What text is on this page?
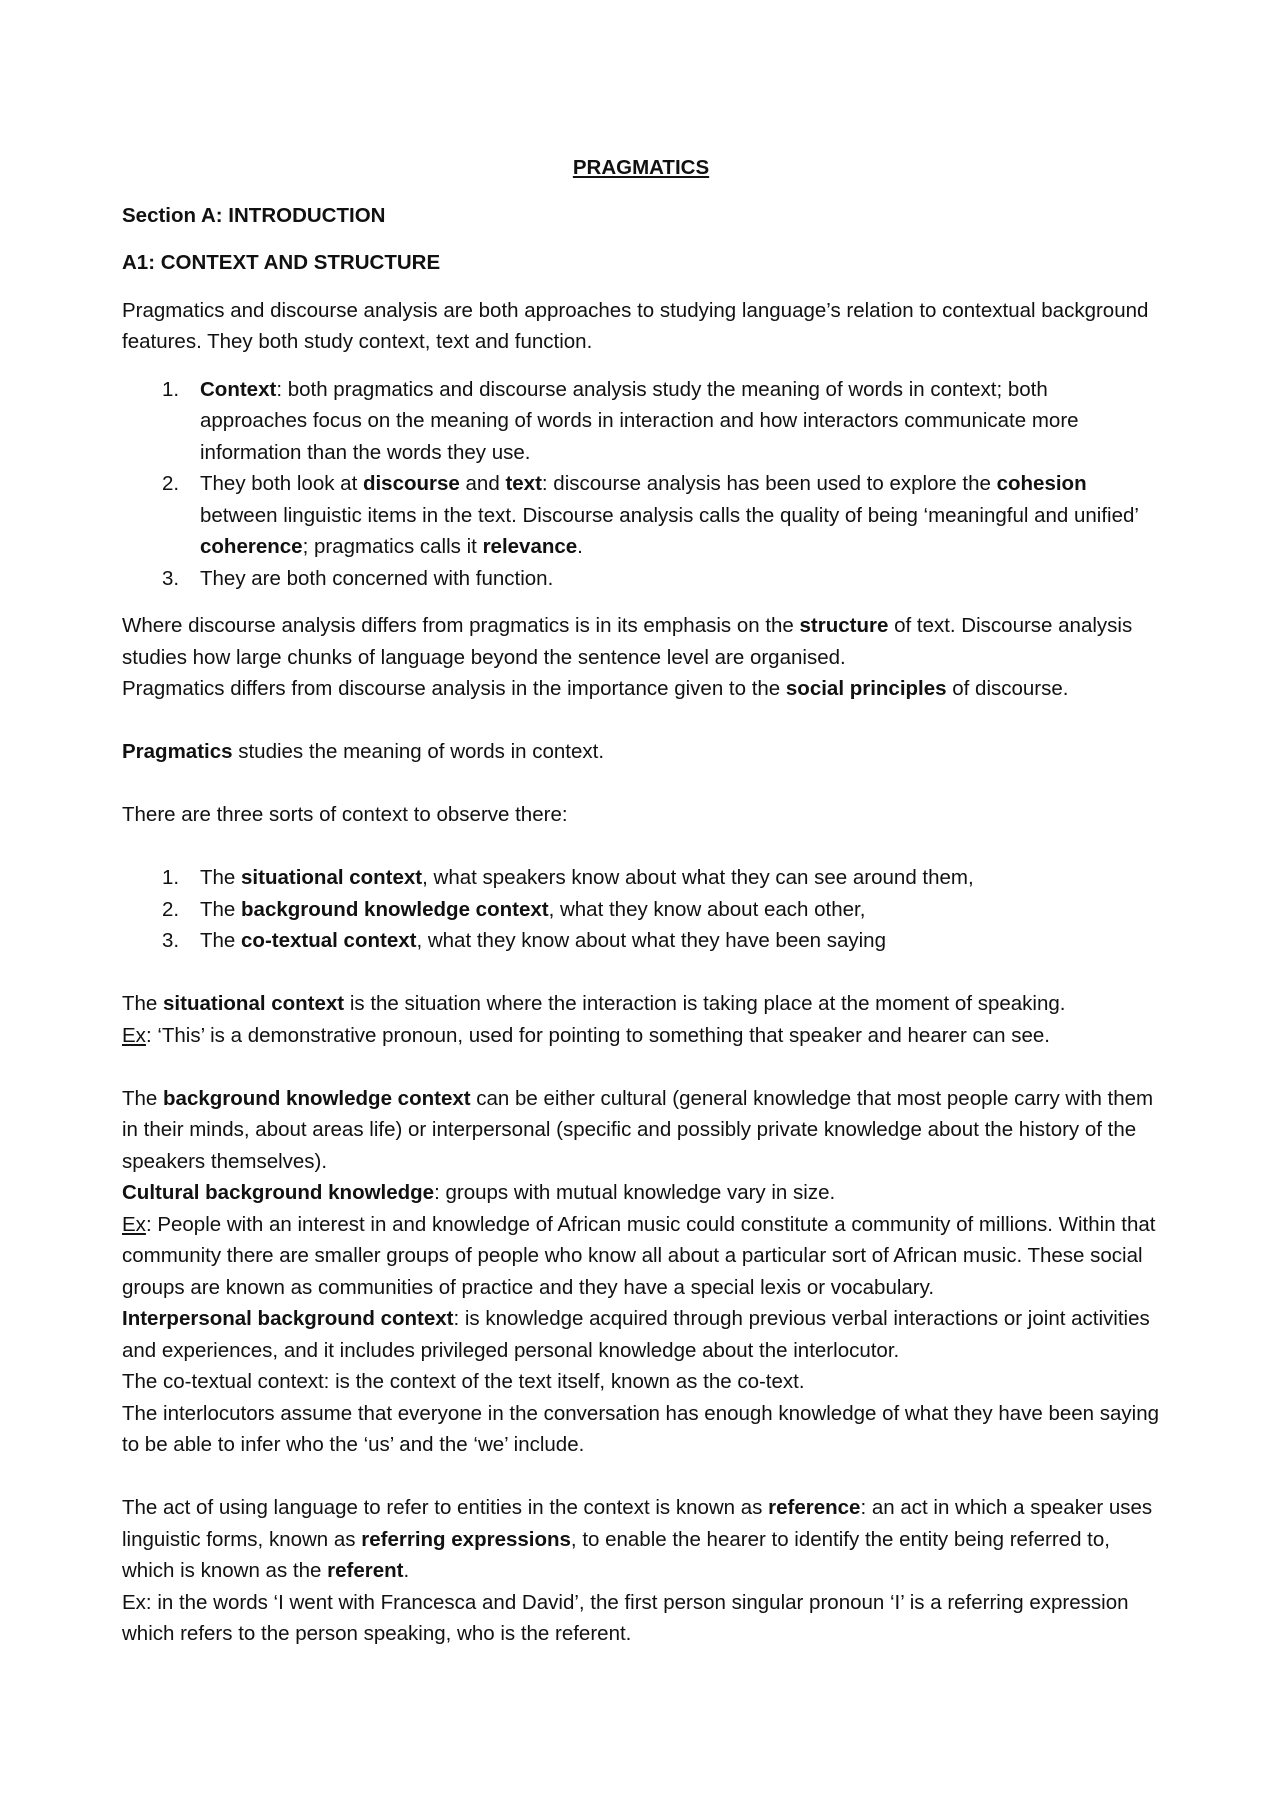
PRAGMATICS
Section A: INTRODUCTION
A1: CONTEXT AND STRUCTURE

Pragmatics and discourse analysis are both approaches to studying language’s relation to contextual background features. They both study context, text and function.

1. Context: both pragmatics and discourse analysis study the meaning of words in context; both approaches focus on the meaning of words in interaction and how interactors communicate more information than the words they use.
2. They both look at discourse and text: discourse analysis has been used to explore the cohesion between linguistic items in the text. Discourse analysis calls the quality of being ‘meaningful and unified’ coherence; pragmatics calls it relevance.
3. They are both concerned with function.

Where discourse analysis differs from pragmatics is in its emphasis on the structure of text. Discourse analysis studies how large chunks of language beyond the sentence level are organised.

Pragmatics differs from discourse analysis in the importance given to the social principles of discourse.

Pragmatics studies the meaning of words in context.

There are three sorts of context to observe there:

1. The situational context, what speakers know about what they can see around them,
2. The background knowledge context, what they know about each other,
3. The co-textual context, what they know about what they have been saying

The situational context is the situation where the interaction is taking place at the moment of speaking.

Ex: ‘This’ is a demonstrative pronoun, used for pointing to something that speaker and hearer can see.

The background knowledge context can be either cultural (general knowledge that most people carry with them in their minds, about areas life) or interpersonal (specific and possibly private knowledge about the history of the speakers themselves).

Cultural background knowledge: groups with mutual knowledge vary in size.

Ex: People with an interest in and knowledge of African music could constitute a community of millions. Within that community there are smaller groups of people who know all about a particular sort of African music. These social groups are known as communities of practice and they have a special lexis or vocabulary.

Interpersonal background context: is knowledge acquired through previous verbal interactions or joint activities and experiences, and it includes privileged personal knowledge about the interlocutor.

The co-textual context: is the context of the text itself, known as the co-text.

The interlocutors assume that everyone in the conversation has enough knowledge of what they have been saying to be able to infer who the ‘us’ and the ‘we’ include.

The act of using language to refer to entities in the context is known as reference: an act in which a speaker uses linguistic forms, known as referring expressions, to enable the hearer to identify the entity being referred to, which is known as the referent.

Ex: in the words ‘I went with Francesca and David’, the first person singular pronoun ‘I’ is a referring expression which refers to the person speaking, who is the referent.
